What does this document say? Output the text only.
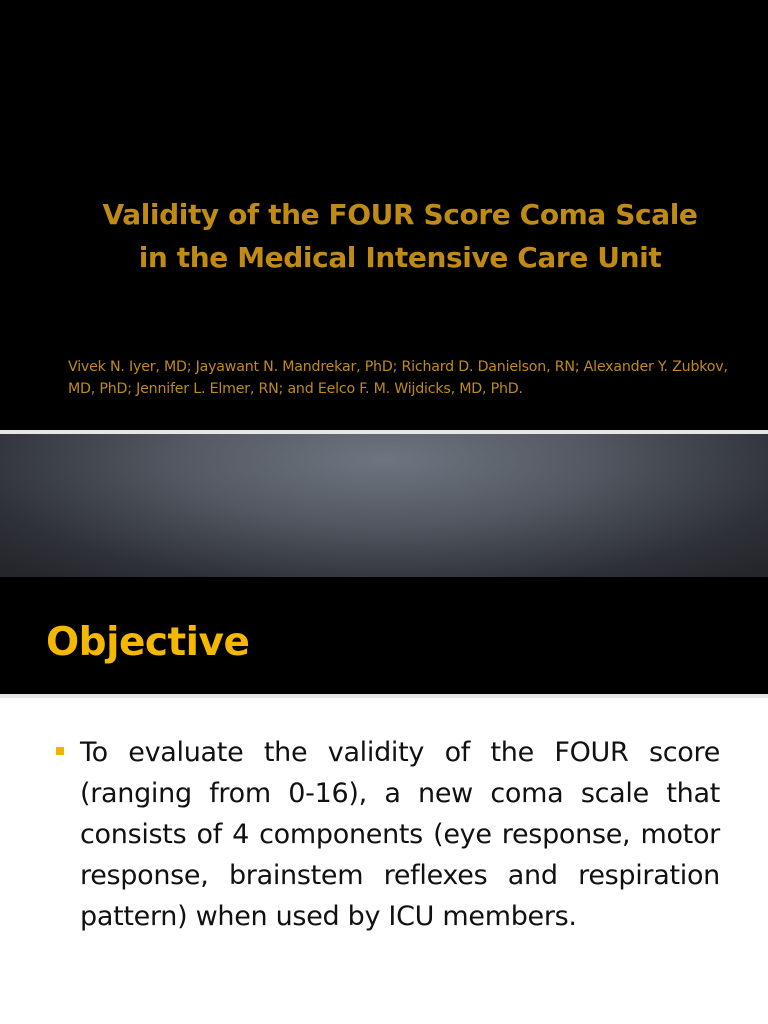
Validity of the FOUR Score Coma Scale
in the Medical Intensive Care Unit
Vivek N. Iyer, MD; Jayawant N. Mandrekar, PhD; Richard D. Danielson, RN; Alexander Y. Zubkov, MD, PhD; Jennifer L. Elmer, RN; and Eelco F. M. Wijdicks, MD, PhD.
Objective
To evaluate the validity of the FOUR score (ranging from 0-16), a new coma scale that consists of 4 components (eye response, motor response, brainstem reflexes and respiration pattern) when used by ICU members.
